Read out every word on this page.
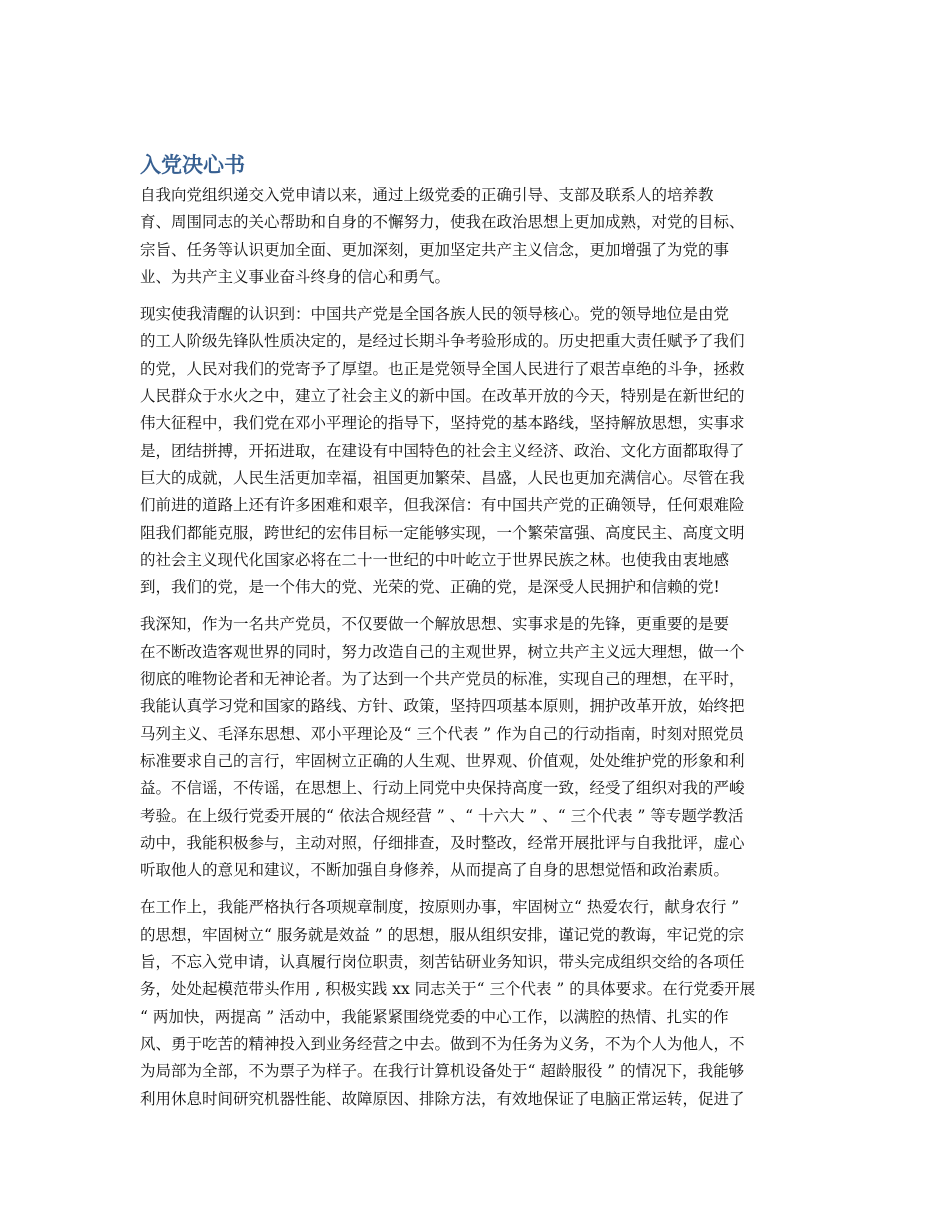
入党决心书
自我向党组织递交入党申请以来，通过上级党委的正确引导、支部及联系人的培养教
育、周围同志的关心帮助和自身的不懈努力，使我在政治思想上更加成熟，对党的目标、
宗旨、任务等认识更加全面、更加深刻，更加坚定共产主义信念，更加增强了为党的事
业、为共产主义事业奋斗终身的信心和勇气。
现实使我清醒的认识到：中国共产党是全国各族人民的领导核心。党的领导地位是由党
的工人阶级先锋队性质决定的，是经过长期斗争考验形成的。历史把重大责任赋予了我们
的党，人民对我们的党寄予了厚望。也正是党领导全国人民进行了艰苦卓绝的斗争，拯救
人民群众于水火之中，建立了社会主义的新中国。在改革开放的今天，特别是在新世纪的
伟大征程中，我们党在邓小平理论的指导下，坚持党的基本路线，坚持解放思想，实事求
是，团结拼搏，开拓进取，在建设有中国特色的社会主义经济、政治、文化方面都取得了
巨大的成就，人民生活更加幸福，祖国更加繁荣、昌盛，人民也更加充满信心。尽管在我
们前进的道路上还有许多困难和艰辛，但我深信：有中国共产党的正确领导，任何艰难险
阻我们都能克服，跨世纪的宏伟目标一定能够实现，一个繁荣富强、高度民主、高度文明
的社会主义现代化国家必将在二十一世纪的中叶屹立于世界民族之林。也使我由衷地感
到，我们的党，是一个伟大的党、光荣的党、正确的党，是深受人民拥护和信赖的党!
我深知，作为一名共产党员，不仅要做一个解放思想、实事求是的先锋，更重要的是要
在不断改造客观世界的同时，努力改造自己的主观世界，树立共产主义远大理想，做一个
彻底的唯物论者和无神论者。为了达到一个共产党员的标准，实现自己的理想，在平时，
我能认真学习党和国家的路线、方针、政策，坚持四项基本原则，拥护改革开放，始终把
马列主义、毛泽东思想、邓小平理论及“ 三个代表 ” 作为自己的行动指南，时刻对照党员
标准要求自己的言行，牢固树立正确的人生观、世界观、价值观，处处维护党的形象和利
益。不信谣，不传谣，在思想上、行动上同党中央保持高度一致，经受了组织对我的严峻
考验。在上级行党委开展的“ 依法合规经营 ” 、“ 十六大 ” 、“ 三个代表 ” 等专题学教活
动中，我能积极参与，主动对照，仔细排查，及时整改，经常开展批评与自我批评，虚心
听取他人的意见和建议，不断加强自身修养，从而提高了自身的思想觉悟和政治素质。
在工作上，我能严格执行各项规章制度，按原则办事，牢固树立“ 热爱农行，献身农行 ”
的思想，牢固树立“ 服务就是效益 ” 的思想，服从组织安排，谨记党的教诲，牢记党的宗
旨，不忘入党申请，认真履行岗位职责，刻苦钻研业务知识，带头完成组织交给的各项任
务，处处起模范带头作用 , 积极实践 xx 同志关于“ 三个代表 ” 的具体要求。在行党委开展
“ 两加快，两提高 ” 活动中，我能紧紧围绕党委的中心工作，以满腔的热情、扎实的作
风、勇于吃苦的精神投入到业务经营之中去。做到不为任务为义务，不为个人为他人，不
为局部为全部，不为票子为样子。在我行计算机设备处于“ 超龄服役 ” 的情况下，我能够
利用休息时间研究机器性能、故障原因、排除方法，有效地保证了电脑正常运转，促进了
